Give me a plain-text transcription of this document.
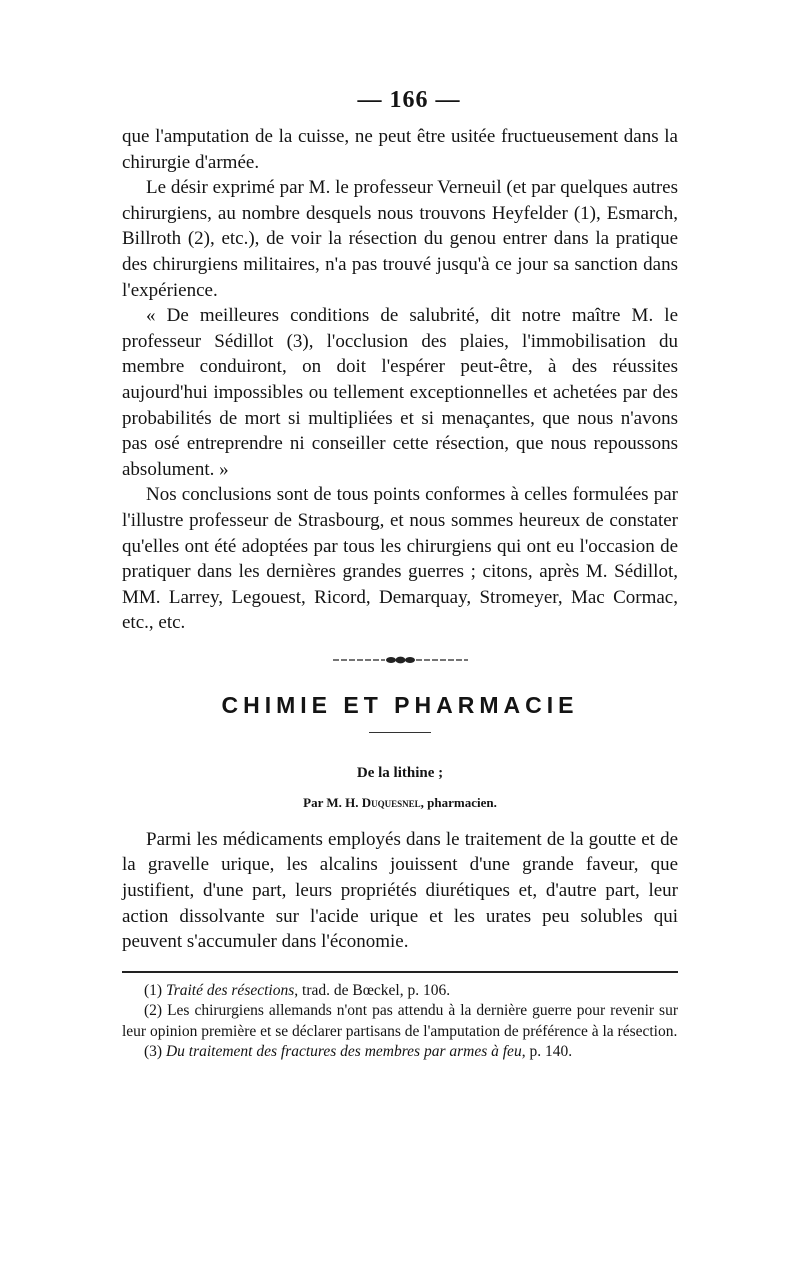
— 166 —

que l'amputation de la cuisse, ne peut être usitée fructueusement dans la chirurgie d'armée.

Le désir exprimé par M. le professeur Verneuil (et par quelques autres chirurgiens, au nombre desquels nous trouvons Heyfelder (1), Esmarch, Billroth (2), etc.), de voir la résection du genou entrer dans la pratique des chirurgiens militaires, n'a pas trouvé jusqu'à ce jour sa sanction dans l'expérience.

« De meilleures conditions de salubrité, dit notre maître M. le professeur Sédillot (3), l'occlusion des plaies, l'immobilisation du membre conduiront, on doit l'espérer peut-être, à des réussites aujourd'hui impossibles ou tellement exceptionnelles et achetées par des probabilités de mort si multipliées et si menaçantes, que nous n'avons pas osé entreprendre ni conseiller cette résection, que nous repoussons absolument. »

Nos conclusions sont de tous points conformes à celles formulées par l'illustre professeur de Strasbourg, et nous sommes heureux de constater qu'elles ont été adoptées par tous les chirurgiens qui ont eu l'occasion de pratiquer dans les dernières grandes guerres ; citons, après M. Sédillot, MM. Larrey, Legouest, Ricord, Demarquay, Stromeyer, Mac Cormac, etc., etc.

CHIMIE ET PHARMACIE
De la lithine ;
Par M. H. Duquesnel, pharmacien.

Parmi les médicaments employés dans le traitement de la goutte et de la gravelle urique, les alcalins jouissent d'une grande faveur, que justifient, d'une part, leurs propriétés diurétiques et, d'autre part, leur action dissolvante sur l'acide urique et les urates peu solubles qui peuvent s'accumuler dans l'économie.

(1) Traité des résections, trad. de Bœckel, p. 106.

(2) Les chirurgiens allemands n'ont pas attendu à la dernière guerre pour revenir sur leur opinion première et se déclarer partisans de l'amputation de préférence à la résection.

(3) Du traitement des fractures des membres par armes à feu, p. 140.
